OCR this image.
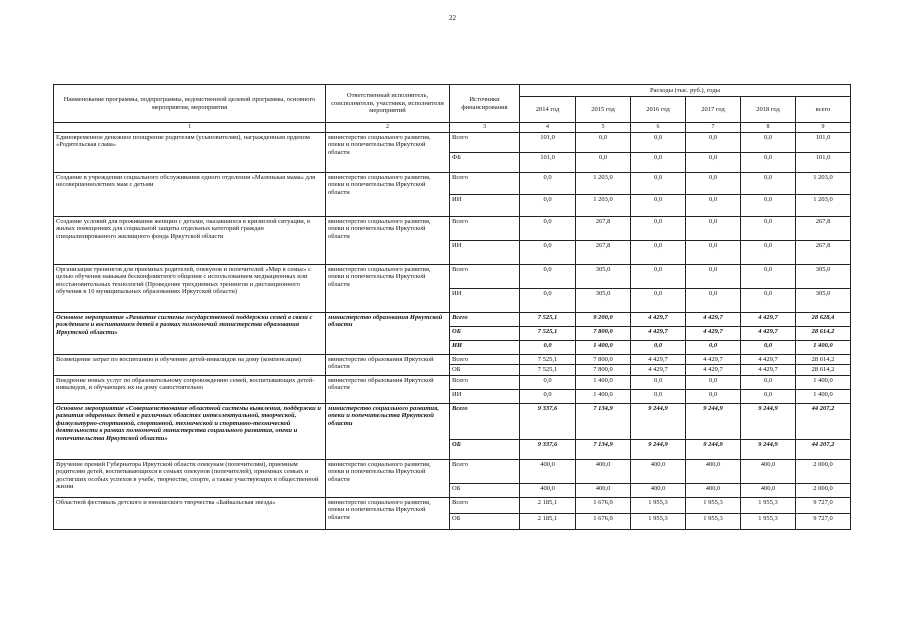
22
Наименование программы, подпрограммы, ведомственной целевой программы, основного мероприятия, мероприятия	Ответственный исполнитель, соисполнители, участники, исполнители мероприятий	Источники финансирования	Расходы (тыс. руб.), годы					
			2014 год	2015 год	2016 год	2017 год	2018 год	всего
1	2	3	4	5	6	7	8	9
Единовременное денежное поощрение родителям (усыновителям), награжденным орденом «Родительская слава»	министерство социального развития, опеки и попечительства Иркутской области	Всего	101,0	0,0	0,0	0,0	0,0	101,0
		ФБ	101,0	0,0	0,0	0,0	0,0	101,0
Создание в учреждении социального обслуживания одного отделения «Маленькая мама» для несовершеннолетних мам с детьми	министерство социального развития, опеки и попечительства Иркутской области	Всего	0,0	1 203,0	0,0	0,0	0,0	1 203,0
		ИИ	0,0	1 203,0	0,0	0,0	0,0	1 203,0
Создание условий для проживания женщин с детьми, оказавшихся в кризисной ситуации, в жилых помещениях для социальной защиты отдельных категорий граждан специализированного жилищного фонда Иркутской области	министерство социального развития, опеки и попечительства Иркутской области	Всего	0,0	267,8	0,0	0,0	0,0	267,8
		ИИ	0,0	267,8	0,0	0,0	0,0	267,8
Организация тренингов для приемных родителей, опекунов и попечителей «Мир в семье» с целью обучения навыкам бесконфликтного общения с использованием медиационных или восстановительных технологий (Проведение трехдневных тренингов и дистанционного обучения в 10 муниципальных образованиях Иркутской области)	министерство социального развития, опеки и попечительства Иркутской области	Всего	0,0	305,0	0,0	0,0	0,0	305,0
		ИИ	0,0	305,0	0,0	0,0	0,0	305,0
Основное мероприятие «Развитие системы государственной поддержки семей в связи с рождением и воспитанием детей в рамках полномочий министерства образования Иркутской области»	министерство образования Иркутской области	Всего	7 525,1	9 200,0	4 429,7	4 429,7	4 429,7	28 628,4
		ОБ	7 525,1	7 800,0	4 429,7	4 429,7	4 429,7	28 614,2
		ИИ	0,0	1 400,0	0,0	0,0	0,0	1 400,0
Возмещение затрат по воспитанию и обучению детей-инвалидов на дому (компенсация)	министерство образования Иркутской области	Всего	7 525,1	7 800,0	4 429,7	4 429,7	4 429,7	28 614,2
		ОБ	7 525,1	7 800,0	4 429,7	4 429,7	4 429,7	28 614,2
Внедрение новых услуг по образовательному сопровождению семей, воспитывающих детей-инвалидов, и обучающих их на дому самостоятельно	министерство образования Иркутской области	Всего	0,0	1 400,0	0,0	0,0	0,0	1 400,0
		ИИ	0,0	1 400,0	0,0	0,0	0,0	1 400,0
Основное мероприятие «Совершенствование областной системы выявления, поддержки и развития одаренных детей в различных областях интеллектуальной, творческой, физкультурно-спортивной, спортивной, технической и спортивно-технической деятельности в рамках полномочий министерства социального развития, опеки и попечительства Иркутской области»	министерство социального развития, опеки и попечительства Иркутской области	Всего	9 337,6	7 134,9	9 244,9	9 244,9	9 244,9	44 207,2
		ОБ	9 337,6	7 134,9	9 244,9	9 244,9	9 244,9	44 207,2
Вручение премий Губернатора Иркутской области опекунам (попечителям), приемным родителям детей, воспитывающихся в семьях опекунов (попечителей), приемных семьях и достигших особых успехов в учебе, творчестве, спорте, а также участвующих в общественной жизни	министерство социального развития, опеки и попечительства Иркутской области	Всего	400,0	400,0	400,0	400,0	400,0	2 000,0
		ОБ	400,0	400,0	400,0	400,0	400,0	2 000,0
Областной фестиваль детского и юношеского творчества «Байкальская звезда»	министерство социального развития, опеки и попечительства Иркутской области	Всего	2 185,1	1 676,0	1 955,3	1 955,3	1 955,3	9 727,0
		ОБ	2 185,1	1 676,0	1 955,3	1 955,3	1 955,3	9 727,0
